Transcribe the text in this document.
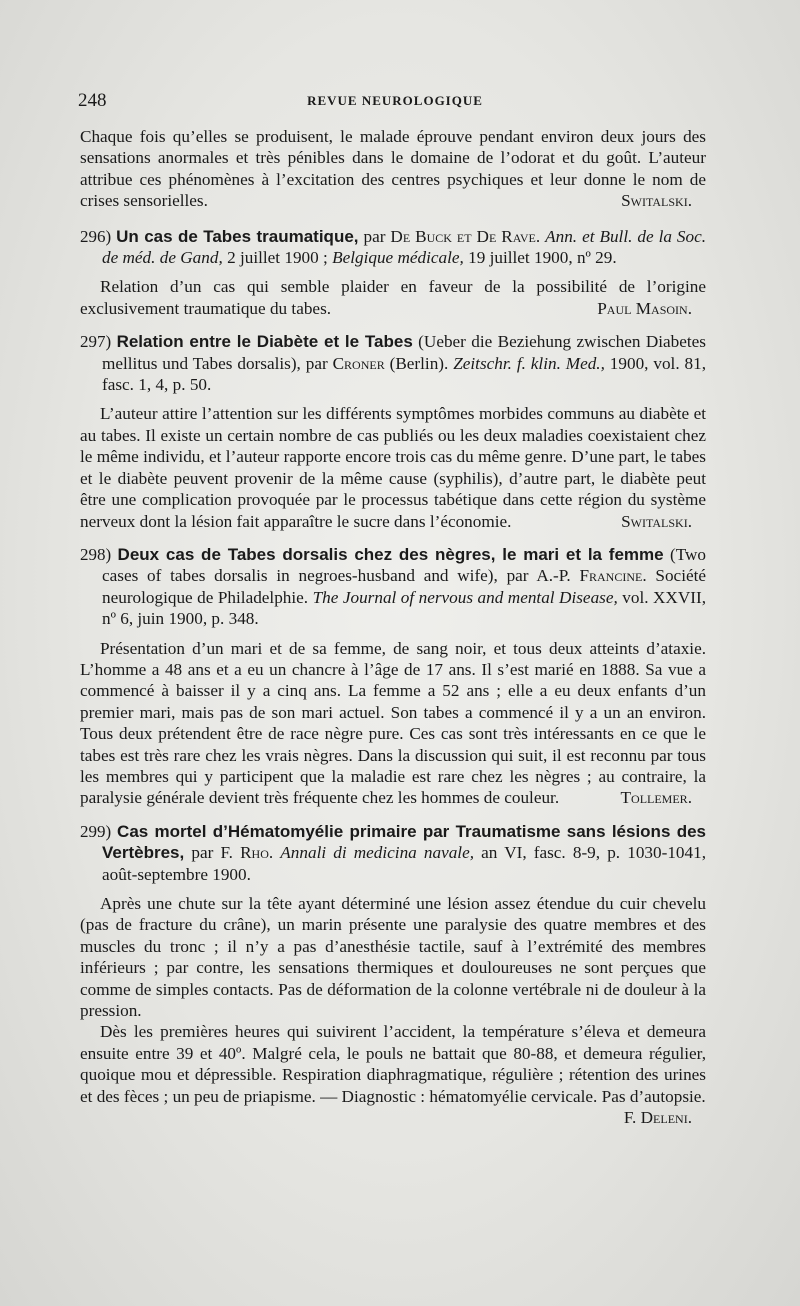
248	REVUE NEUROLOGIQUE

Chaque fois qu’elles se produisent, le malade éprouve pendant environ deux jours des sensations anormales et très pénibles dans le domaine de l’odorat et du goût. L’auteur attribue ces phénomènes à l’excitation des centres psychiques et leur donne le nom de crises sensorielles.	Switalski.

296) Un cas de Tabes traumatique, par De Buck et De Rave. Ann. et Bull. de la Soc. de méd. de Gand, 2 juillet 1900 ; Belgique médicale, 19 juillet 1900, nº 29.

Relation d’un cas qui semble plaider en faveur de la possibilité de l’origine exclusivement traumatique du tabes.	Paul Masoin.

297) Relation entre le Diabète et le Tabes (Ueber die Beziehung zwischen Diabetes mellitus und Tabes dorsalis), par Croner (Berlin). Zeitschr. f. klin. Med., 1900, vol. 81, fasc. 1, 4, p. 50.

L’auteur attire l’attention sur les différents symptômes morbides communs au diabète et au tabes. Il existe un certain nombre de cas publiés ou les deux maladies coexistaient chez le même individu, et l’auteur rapporte encore trois cas du même genre. D’une part, le tabes et le diabète peuvent provenir de la même cause (syphilis), d’autre part, le diabète peut être une complication provoquée par le processus tabétique dans cette région du système nerveux dont la lésion fait apparaître le sucre dans l’économie.	Switalski.

298) Deux cas de Tabes dorsalis chez des nègres, le mari et la femme (Two cases of tabes dorsalis in negroes-husband and wife), par A.-P. Francine. Société neurologique de Philadelphie. The Journal of nervous and mental Disease, vol. XXVII, nº 6, juin 1900, p. 348.

Présentation d’un mari et de sa femme, de sang noir, et tous deux atteints d’ataxie. L’homme a 48 ans et a eu un chancre à l’âge de 17 ans. Il s’est marié en 1888. Sa vue a commencé à baisser il y a cinq ans. La femme a 52 ans ; elle a eu deux enfants d’un premier mari, mais pas de son mari actuel. Son tabes a commencé il y a un an environ. Tous deux prétendent être de race nègre pure. Ces cas sont très intéressants en ce que le tabes est très rare chez les vrais nègres. Dans la discussion qui suit, il est reconnu par tous les membres qui y participent que la maladie est rare chez les nègres ; au contraire, la paralysie générale devient très fréquente chez les hommes de couleur.	Tollemer.

299) Cas mortel d’Hématomyélie primaire par Traumatisme sans lésions des Vertèbres, par F. Rho. Annali di medicina navale, an VI, fasc. 8-9, p. 1030-1041, août-septembre 1900.

Après une chute sur la tête ayant déterminé une lésion assez étendue du cuir chevelu (pas de fracture du crâne), un marin présente une paralysie des quatre membres et des muscles du tronc ; il n’y a pas d’anesthésie tactile, sauf à l’extrémité des membres inférieurs ; par contre, les sensations thermiques et douloureuses ne sont perçues que comme de simples contacts. Pas de déformation de la colonne vertébrale ni de douleur à la pression.

Dès les premières heures qui suivirent l’accident, la température s’éleva et demeura ensuite entre 39 et 40º. Malgré cela, le pouls ne battait que 80-88, et demeura régulier, quoique mou et dépressible. Respiration diaphragmatique, régulière ; rétention des urines et des fèces ; un peu de priapisme. — Diagnostic : hématomyélie cervicale. Pas d’autopsie.
F. Deleni.
